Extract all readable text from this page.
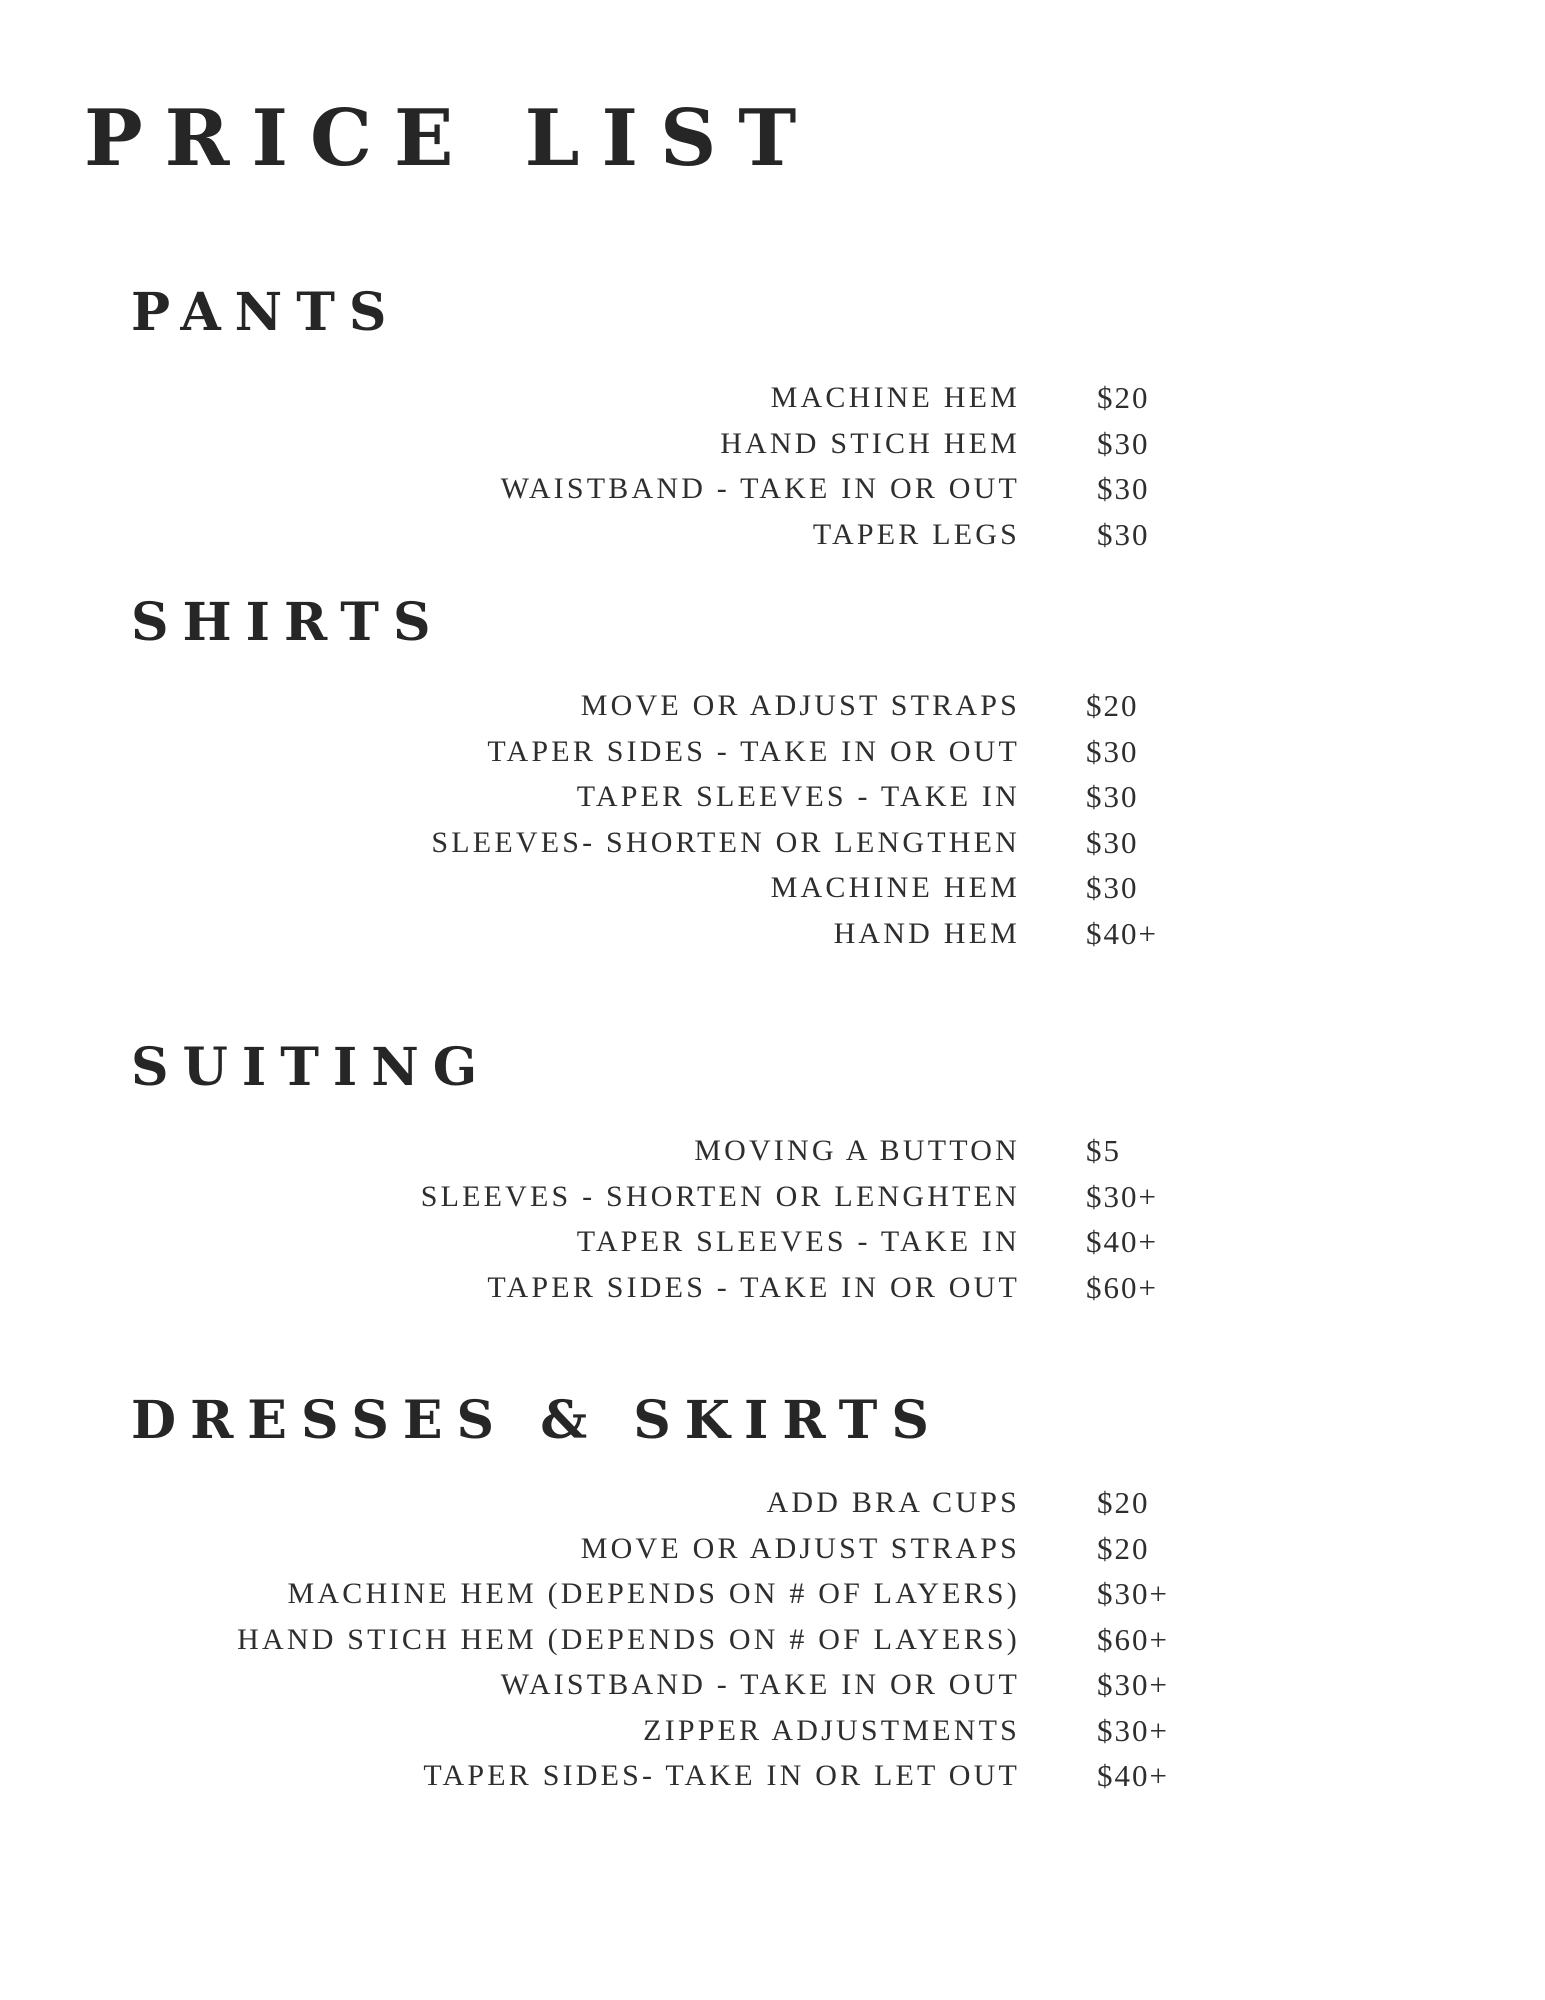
PRICE LIST
PANTS
MACHINE HEM $20
HAND STICH HEM $30
WAISTBAND - TAKE IN OR OUT $30
TAPER LEGS $30
SHIRTS
MOVE OR ADJUST STRAPS $20
TAPER SIDES - TAKE IN OR OUT $30
TAPER SLEEVES - TAKE IN $30
SLEEVES- SHORTEN OR LENGTHEN $30
MACHINE HEM $30
HAND HEM $40+
SUITING
MOVING A BUTTON $5
SLEEVES - SHORTEN OR LENGHTEN $30+
TAPER SLEEVES - TAKE IN $40+
TAPER SIDES - TAKE IN OR OUT $60+
DRESSES & SKIRTS
ADD BRA CUPS $20
MOVE OR ADJUST STRAPS $20
MACHINE HEM (DEPENDS ON # OF LAYERS) $30+
HAND STICH HEM (DEPENDS ON # OF LAYERS) $60+
WAISTBAND - TAKE IN OR OUT $30+
ZIPPER ADJUSTMENTS $30+
TAPER SIDES- TAKE IN OR LET OUT $40+
